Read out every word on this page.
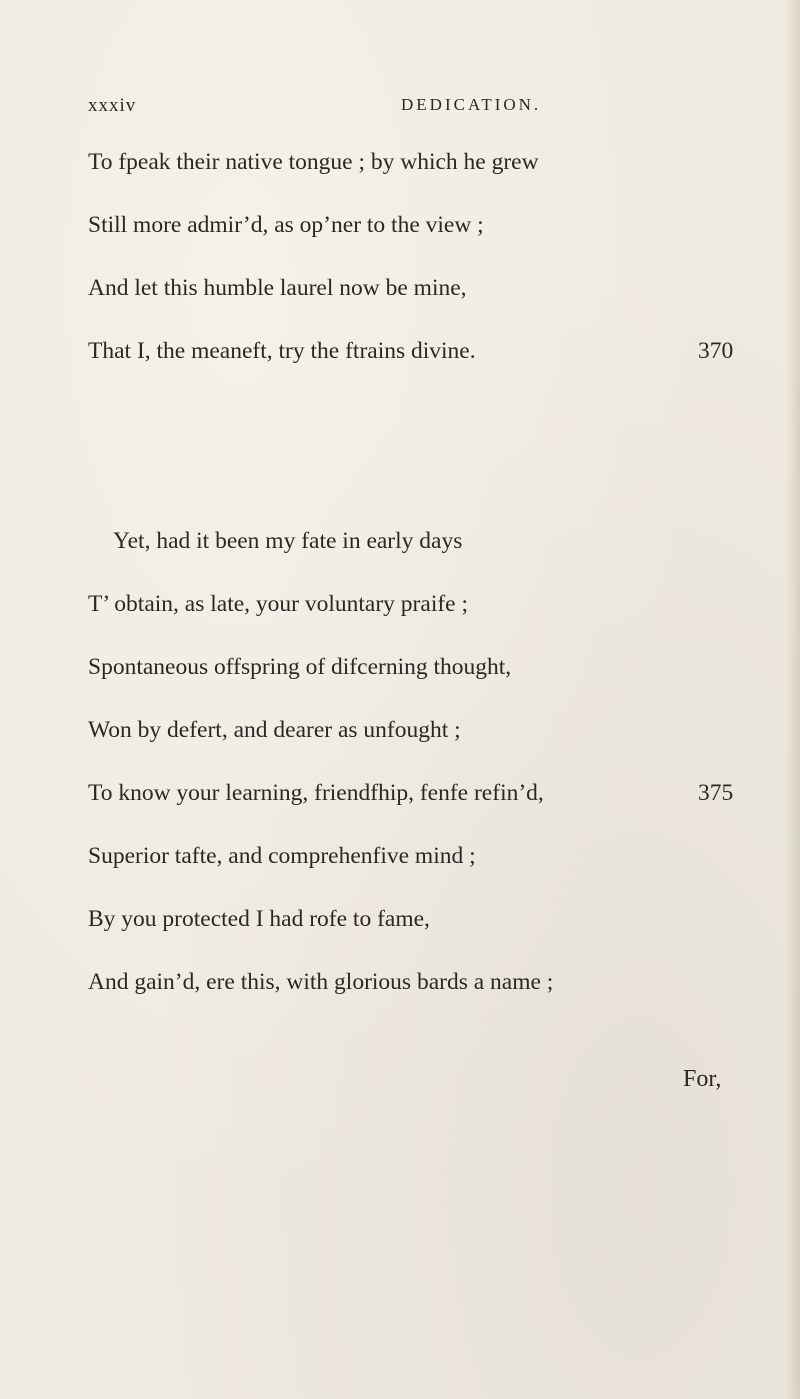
xxxiv	DEDICATION.
To fpeak their native tongue ; by which he grew
Still more admir’d, as op’ner to the view ;
And let this humble laurel now be mine,
That I, the meaneft, try the ftrains divine.	370
Yet, had it been my fate in early days
T’ obtain, as late, your voluntary praife ;
Spontaneous offspring of difcerning thought,
Won by defert, and dearer as unfought ;
To know your learning, friendfhip, fenfe refin’d,	375
Superior tafte, and comprehenfive mind ;
By you protected I had rofe to fame,
And gain’d, ere this, with glorious bards a name ;
For,
